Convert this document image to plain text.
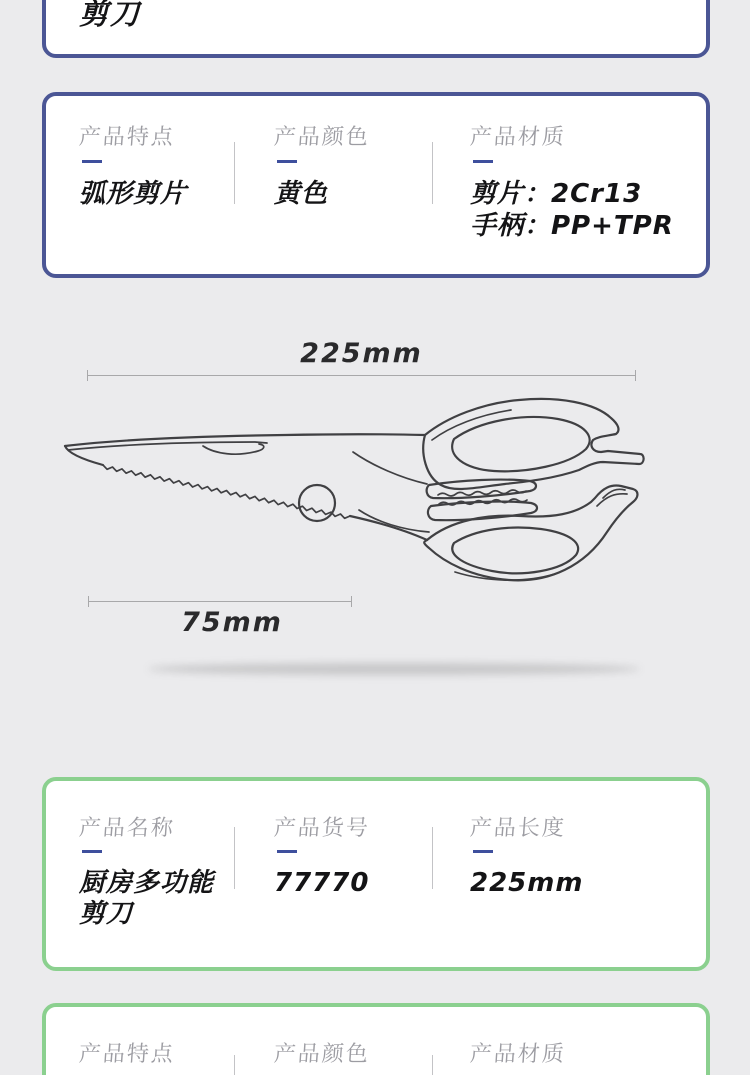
剪刀
产品特点
弧形剪片
产品颜色
黄色
产品材质
剪片：2Cr13
手柄：PP+TPR
225mm
75mm
产品名称
厨房多功能
剪刀
产品货号
77770
产品长度
225mm
产品特点	产品颜色	产品材质
